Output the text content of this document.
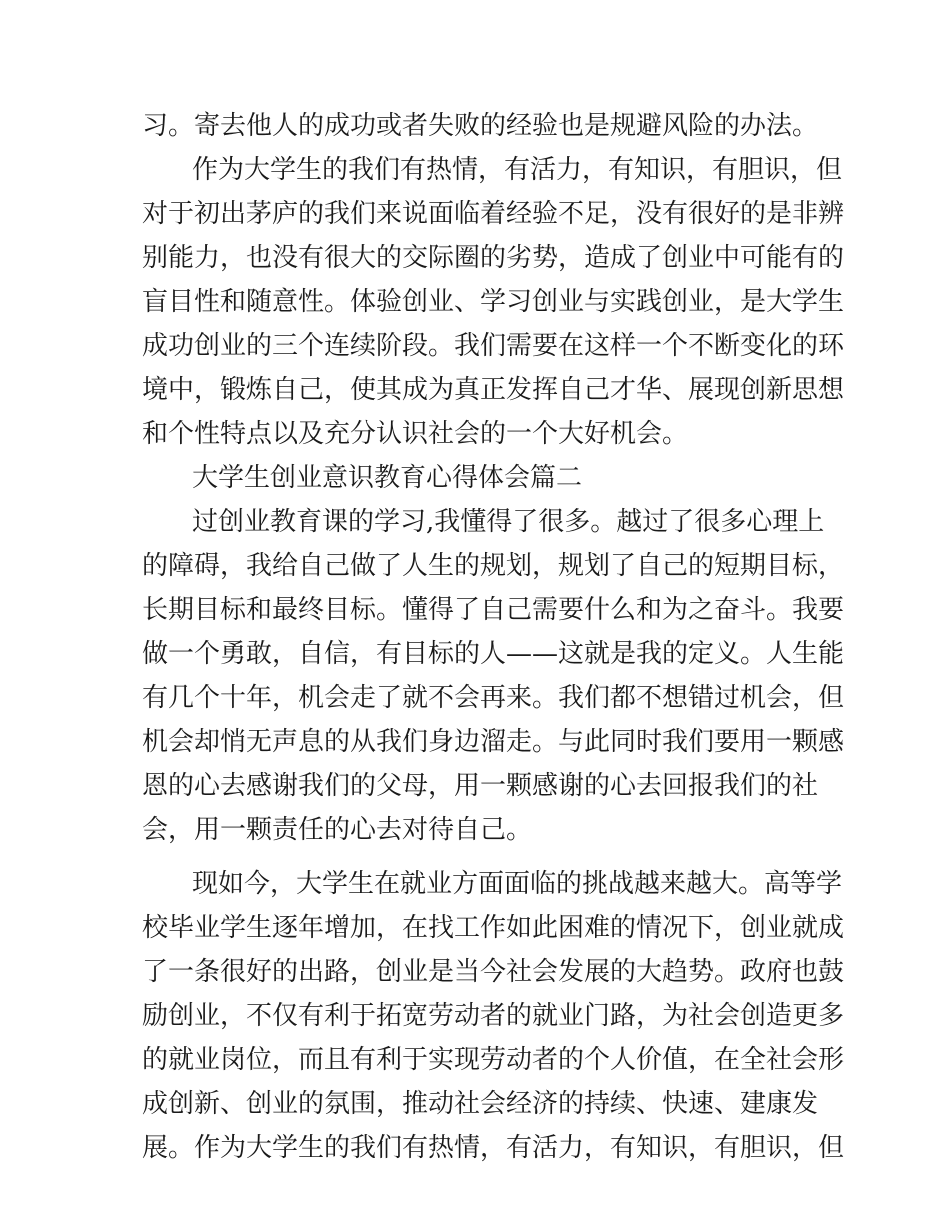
习。寄去他人的成功或者失败的经验也是规避风险的办法。
作为大学生的我们有热情，有活力，有知识，有胆识，但
对于初出茅庐的我们来说面临着经验不足，没有很好的是非辨
别能力，也没有很大的交际圈的劣势，造成了创业中可能有的
盲目性和随意性。体验创业、学习创业与实践创业，是大学生
成功创业的三个连续阶段。我们需要在这样一个不断变化的环
境中，锻炼自己，使其成为真正发挥自己才华、展现创新思想
和个性特点以及充分认识社会的一个大好机会。
大学生创业意识教育心得体会篇二
过创业教育课的学习,我懂得了很多。越过了很多心理上
的障碍，我给自己做了人生的规划，规划了自己的短期目标，
长期目标和最终目标。懂得了自己需要什么和为之奋斗。我要
做一个勇敢，自信，有目标的人——这就是我的定义。人生能
有几个十年，机会走了就不会再来。我们都不想错过机会，但
机会却悄无声息的从我们身边溜走。与此同时我们要用一颗感
恩的心去感谢我们的父母，用一颗感谢的心去回报我们的社
会，用一颗责任的心去对待自己。
现如今，大学生在就业方面面临的挑战越来越大。高等学
校毕业学生逐年增加，在找工作如此困难的情况下，创业就成
了一条很好的出路，创业是当今社会发展的大趋势。政府也鼓
励创业，不仅有利于拓宽劳动者的就业门路，为社会创造更多
的就业岗位，而且有利于实现劳动者的个人价值，在全社会形
成创新、创业的氛围，推动社会经济的持续、快速、建康发
展。作为大学生的我们有热情，有活力，有知识，有胆识，但
